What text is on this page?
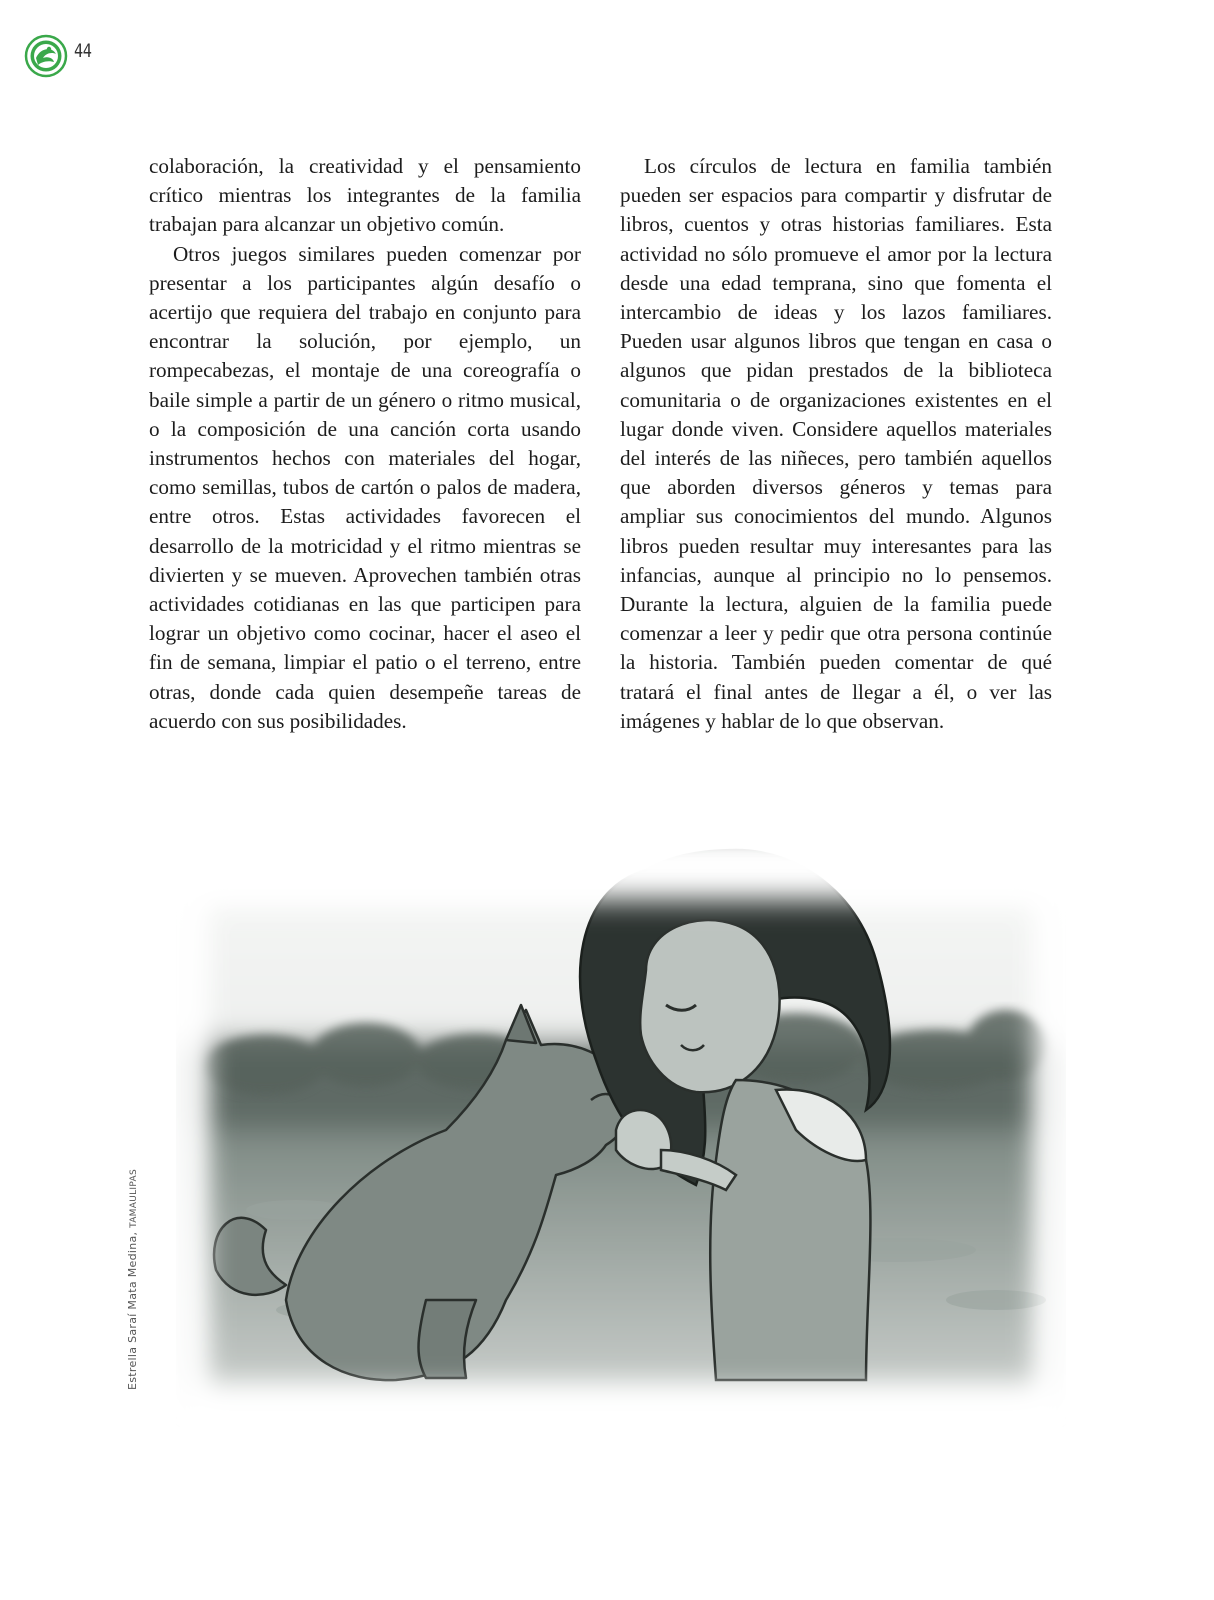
44

colaboración, la creatividad y el pensamiento crítico mientras los integrantes de la familia trabajan para alcanzar un objetivo común.

Otros juegos similares pueden comenzar por presentar a los participantes algún desafío o acertijo que requiera del trabajo en conjunto para encontrar la solución, por ejemplo, un rompecabezas, el montaje de una coreografía o baile simple a partir de un género o ritmo musical, o la composición de una canción corta usando instrumentos hechos con materiales del hogar, como semillas, tubos de cartón o palos de madera, entre otros. Estas actividades favorecen el desarrollo de la motricidad y el ritmo mientras se divierten y se mueven. Aprovechen también otras actividades cotidianas en las que participen para lograr un objetivo como cocinar, hacer el aseo el fin de semana, limpiar el patio o el terreno, entre otras, donde cada quien desempeñe tareas de acuerdo con sus posibilidades.

Los círculos de lectura en familia también pueden ser espacios para compartir y disfrutar de libros, cuentos y otras historias familiares. Esta actividad no sólo promueve el amor por la lectura desde una edad temprana, sino que fomenta el intercambio de ideas y los lazos familiares. Pueden usar algunos libros que tengan en casa o algunos que pidan prestados de la biblioteca comunitaria o de organizaciones existentes en el lugar donde viven. Considere aquellos materiales del interés de las niñeces, pero también aquellos que aborden diversos géneros y temas para ampliar sus conocimientos del mundo. Algunos libros pueden resultar muy interesantes para las infancias, aunque al principio no lo pensemos. Durante la lectura, alguien de la familia puede comenzar a leer y pedir que otra persona continúe la historia. También pueden comentar de qué tratará el final antes de llegar a él, o ver las imágenes y hablar de lo que observan.

Estrella Saraí Mata Medina, TAMAULIPAS
